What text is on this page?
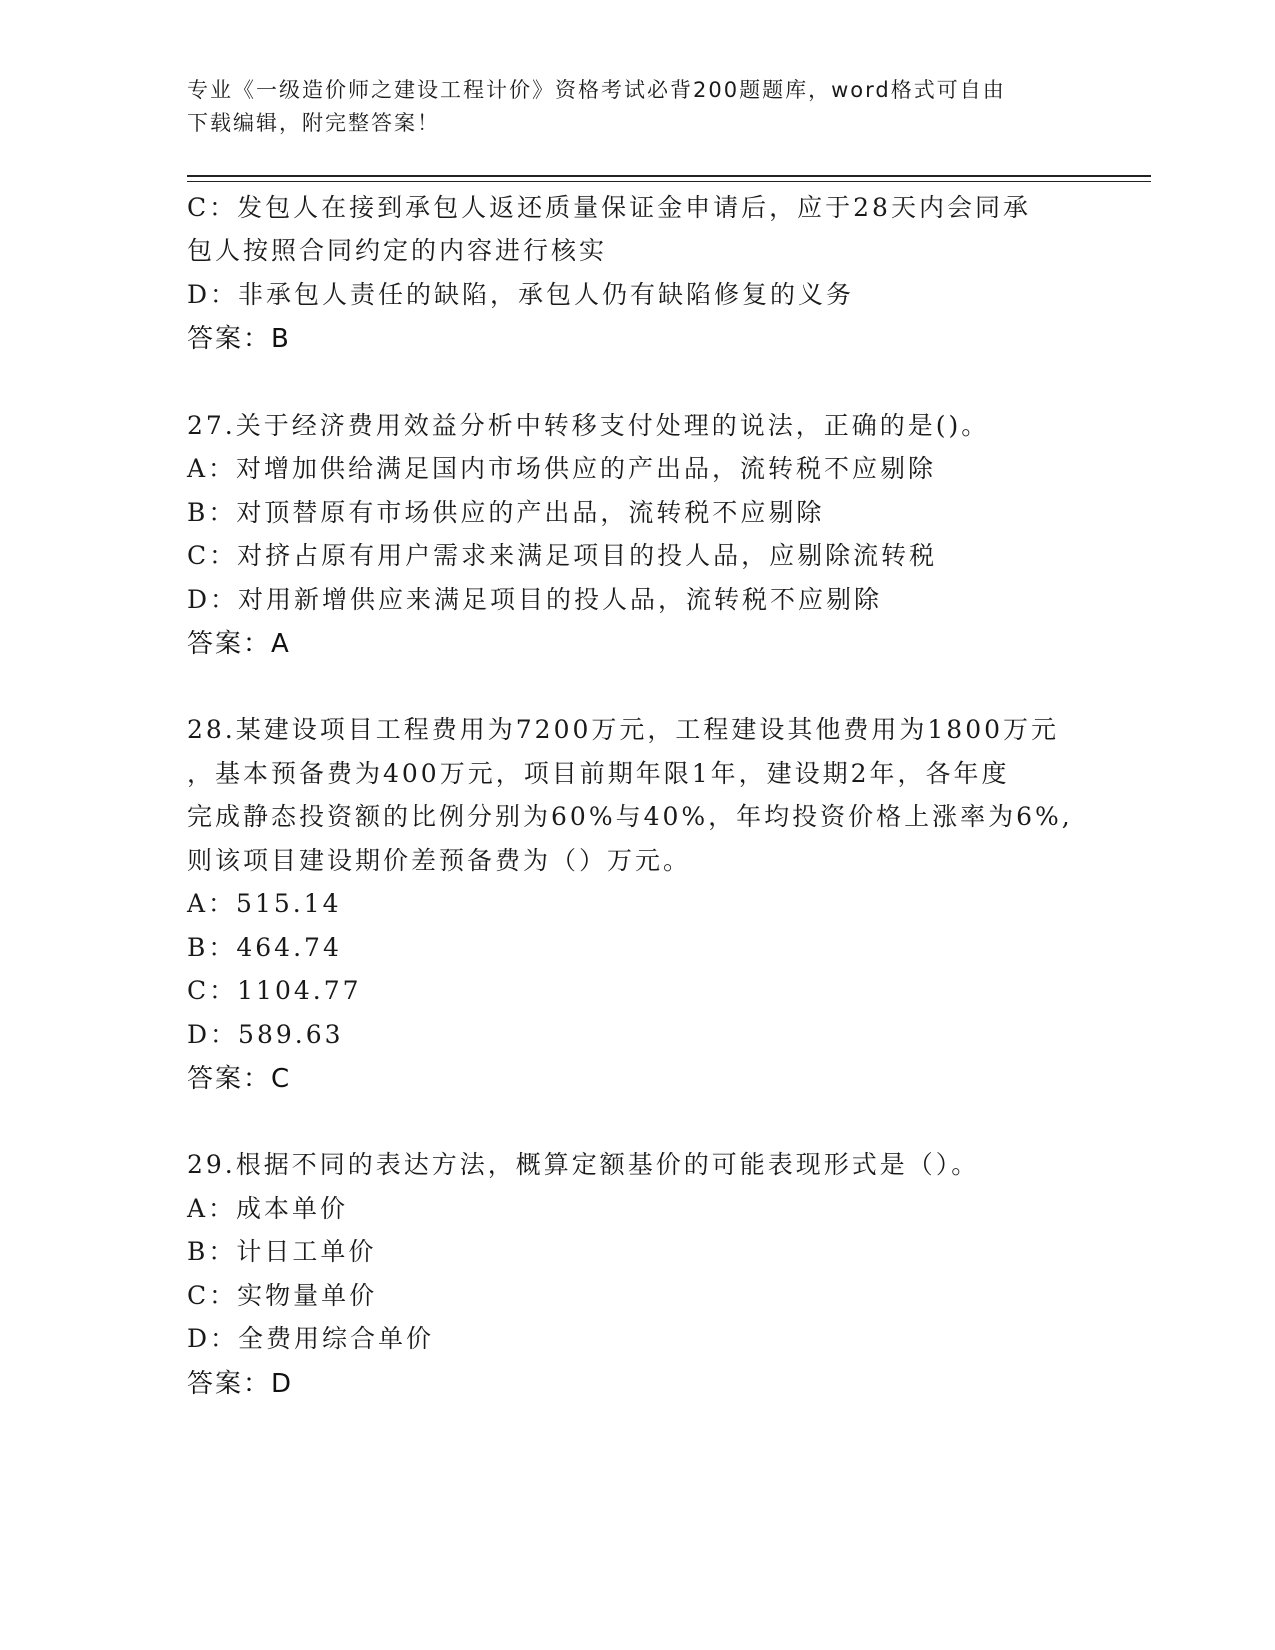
专业《一级造价师之建设工程计价》资格考试必背200题题库，word格式可自由
下载编辑，附完整答案！
C：发包人在接到承包人返还质量保证金申请后，应于28天内会同承
包人按照合同约定的内容进行核实
D：非承包人责任的缺陷，承包人仍有缺陷修复的义务
答案：B
27.关于经济费用效益分析中转移支付处理的说法，正确的是()。
A：对增加供给满足国内市场供应的产出品，流转税不应剔除
B：对顶替原有市场供应的产出品，流转税不应剔除
C：对挤占原有用户需求来满足项目的投人品，应剔除流转税
D：对用新增供应来满足项目的投人品，流转税不应剔除
答案：A
28.某建设项目工程费用为7200万元，工程建设其他费用为1800万元
，基本预备费为400万元，项目前期年限1年，建设期2年，各年度
完成静态投资额的比例分别为60%与40%，年均投资价格上涨率为6%,
则该项目建设期价差预备费为（）万元。
A：515.14
B：464.74
C：1104.77
D：589.63
答案：C
29.根据不同的表达方法，概算定额基价的可能表现形式是（）。
A：成本单价
B：计日工单价
C：实物量单价
D：全费用综合单价
答案：D
